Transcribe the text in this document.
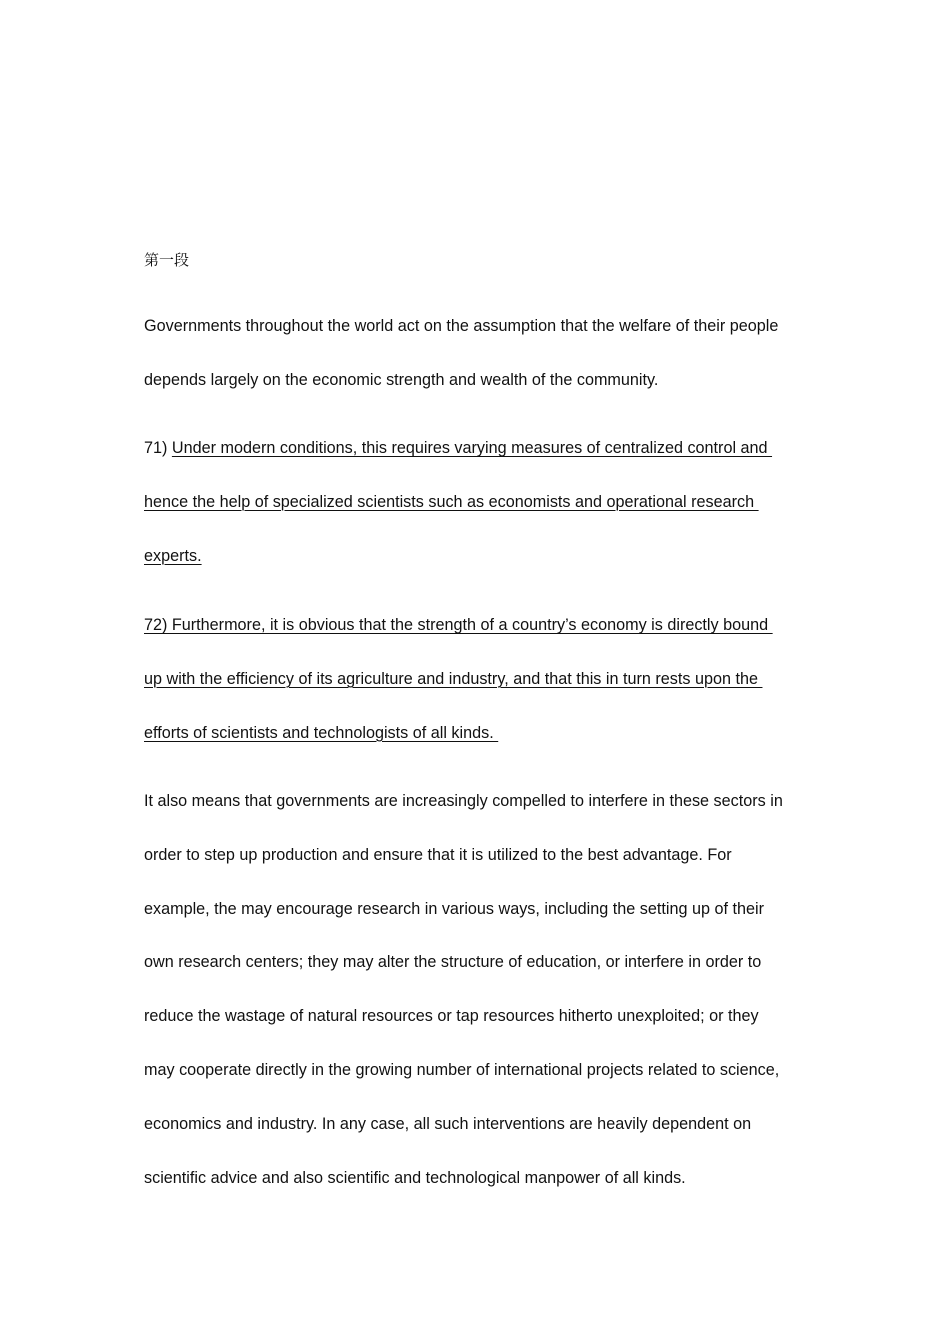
第一段

Governments throughout the world act on the assumption that the welfare of their people
depends largely on the economic strength and wealth of the community.

71) Under modern conditions, this requires varying measures of centralized control and
hence the help of specialized scientists such as economists and operational research
experts.

72) Furthermore, it is obvious that the strength of a country’s economy is directly bound
up with the efficiency of its agriculture and industry, and that this in turn rests upon the
efforts of scientists and technologists of all kinds.

It also means that governments are increasingly compelled to interfere in these sectors in
order to step up production and ensure that it is utilized to the best advantage. For
example, the may encourage research in various ways, including the setting up of their
own research centers; they may alter the structure of education, or interfere in order to
reduce the wastage of natural resources or tap resources hitherto unexploited; or they
may cooperate directly in the growing number of international projects related to science,
economics and industry. In any case, all such interventions are heavily dependent on
scientific advice and also scientific and technological manpower of all kinds.
